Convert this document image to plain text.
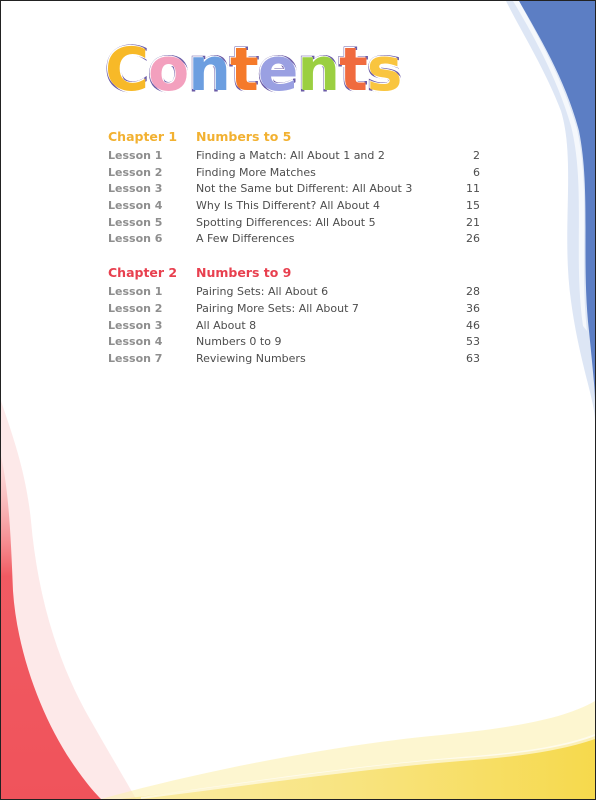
Contents
Chapter 1	Numbers to 5
Lesson 1	Finding a Match: All About 1 and 2	2
Lesson 2	Finding More Matches	6
Lesson 3	Not the Same but Different: All About 3	11
Lesson 4	Why Is This Different? All About 4	15
Lesson 5	Spotting Differences: All About 5	21
Lesson 6	A Few Differences	26
Chapter 2	Numbers to 9
Lesson 1	Pairing Sets: All About 6	28
Lesson 2	Pairing More Sets: All About 7	36
Lesson 3	All About 8	46
Lesson 4	Numbers 0 to 9	53
Lesson 7	Reviewing Numbers	63
